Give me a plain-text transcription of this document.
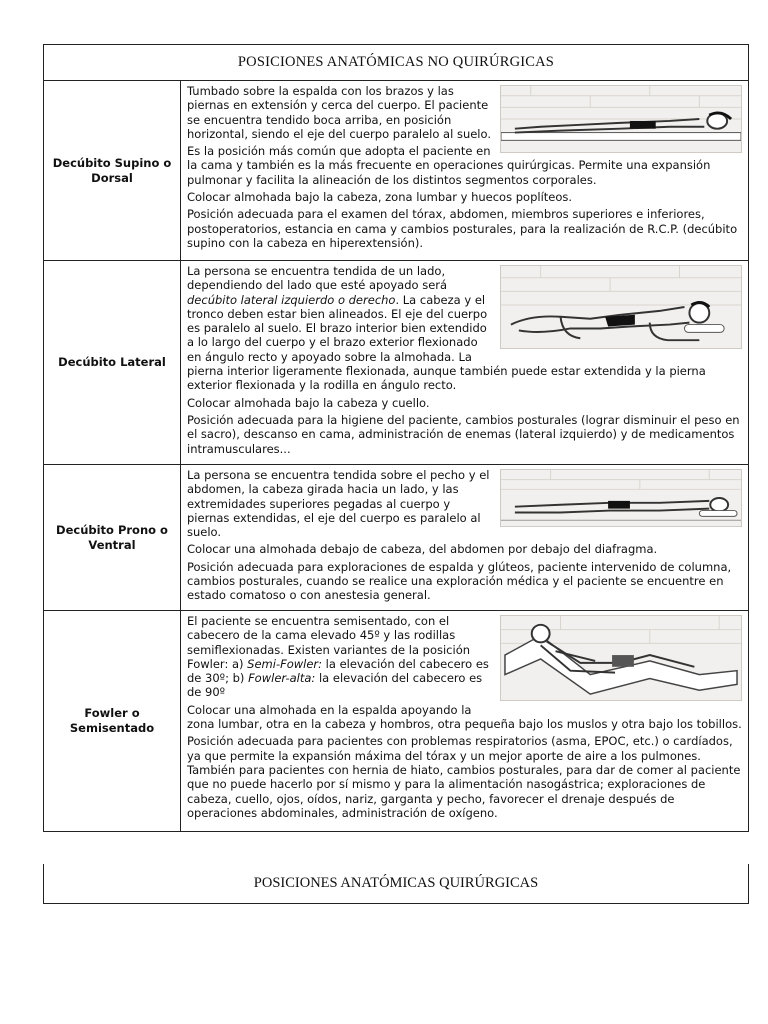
POSICIONES ANATÓMICAS NO QUIRÚRGICAS
Decúbito Supino o Dorsal

Tumbado sobre la espalda con los brazos y las piernas en extensión y cerca del cuerpo. El paciente se encuentra tendido boca arriba, en posición horizontal, siendo el eje del cuerpo paralelo al suelo.

Es la posición más común que adopta el paciente en la cama y también es la más frecuente en operaciones quirúrgicas. Permite una expansión pulmonar y facilita la alineación de los distintos segmentos corporales.

Colocar almohada bajo la cabeza, zona lumbar y huecos poplíteos.

Posición adecuada para el examen del tórax, abdomen, miembros superiores e inferiores, postoperatorios, estancia en cama y cambios posturales, para la realización de R.C.P. (decúbito supino con la cabeza en hiperextensión).

Decúbito Lateral

La persona se encuentra tendida de un lado, dependiendo del lado que esté apoyado será decúbito lateral izquierdo o derecho. La cabeza y el tronco deben estar bien alineados. El eje del cuerpo es paralelo al suelo. El brazo interior bien extendido a lo largo del cuerpo y el brazo exterior flexionado en ángulo recto y apoyado sobre la almohada. La pierna interior ligeramente flexionada, aunque también puede estar extendida y la pierna exterior flexionada y la rodilla en ángulo recto.

Colocar almohada bajo la cabeza y cuello.

Posición adecuada para la higiene del paciente, cambios posturales (lograr disminuir el peso en el sacro), descanso en cama, administración de enemas (lateral izquierdo) y de medicamentos intramusculares...

Decúbito Prono o Ventral

La persona se encuentra tendida sobre el pecho y el abdomen, la cabeza girada hacia un lado, y las extremidades superiores pegadas al cuerpo y piernas extendidas, el eje del cuerpo es paralelo al suelo.

Colocar una almohada debajo de cabeza, del abdomen por debajo del diafragma.

Posición adecuada para exploraciones de espalda y glúteos, paciente intervenido de columna, cambios posturales, cuando se realice una exploración médica y el paciente se encuentre en estado comatoso o con anestesia general.

Fowler o Semisentado

El paciente se encuentra semisentado, con el cabecero de la cama elevado 45º y las rodillas semiflexionadas. Existen variantes de la posición Fowler: a) Semi-Fowler: la elevación del cabecero es de 30º; b) Fowler-alta: la elevación del cabecero es de 90º

Colocar una almohada en la espalda apoyando la zona lumbar, otra en la cabeza y hombros, otra pequeña bajo los muslos y otra bajo los tobillos.

Posición adecuada para pacientes con problemas respiratorios (asma, EPOC, etc.) o cardíados, ya que permite la expansión máxima del tórax y un mejor aporte de aire a los pulmones. También para pacientes con hernia de hiato, cambios posturales, para dar de comer al paciente que no puede hacerlo por sí mismo y para la alimentación nasogástrica; exploraciones de cabeza, cuello, ojos, oídos, nariz, garganta y pecho, favorecer el drenaje después de operaciones abdominales, administración de oxígeno.

POSICIONES ANATÓMICAS QUIRÚRGICAS
